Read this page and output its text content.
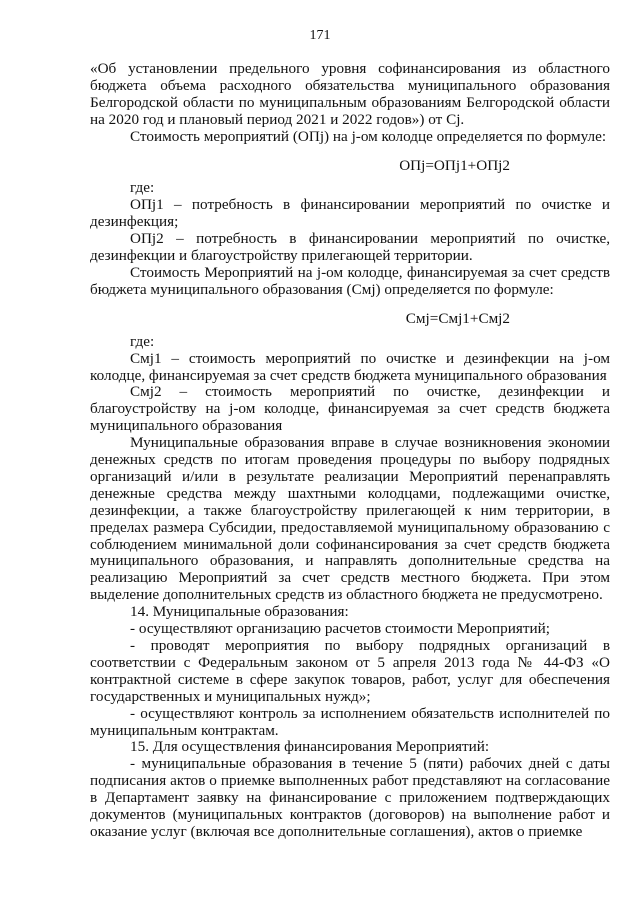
171

«Об установлении предельного уровня софинансирования из областного бюджета объема расходного обязательства муниципального образования Белгородской области по муниципальным образованиям Белгородской области на 2020 год и плановый период 2021 и 2022 годов») от Cj.

Стоимость мероприятий (ОПj) на j-ом колодце определяется по формуле:

ОПj=ОПj1+ОПj2

где:

ОПj1 – потребность в финансировании мероприятий по очистке и дезинфекция;

ОПj2 – потребность в финансировании мероприятий по очистке, дезинфекции и благоустройству прилегающей территории.

Стоимость Мероприятий на j-ом колодце, финансируемая за счет средств бюджета муниципального образования (Cмj) определяется по формуле:

Cмj=Смj1+Смj2

где:

Смj1 – стоимость мероприятий по очистке и дезинфекции на j-ом колодце, финансируемая за счет средств бюджета муниципального образования

Смj2 – стоимость мероприятий по очистке, дезинфекции и благоустройству на j-ом колодце, финансируемая за счет средств бюджета муниципального образования

Муниципальные образования вправе в случае возникновения экономии денежных средств по итогам проведения процедуры по выбору подрядных организаций и/или в результате реализации Мероприятий перенаправлять денежные средства между шахтными колодцами, подлежащими очистке, дезинфекции, а также благоустройству прилегающей к ним территории, в пределах размера Субсидии, предоставляемой муниципальному образованию с соблюдением минимальной доли софинансирования за счет средств бюджета муниципального образования, и направлять дополнительные средства на реализацию Мероприятий за счет средств местного бюджета. При этом выделение дополнительных средств из областного бюджета не предусмотрено.

14. Муниципальные образования:

- осуществляют организацию расчетов стоимости Мероприятий;

- проводят мероприятия по выбору подрядных организаций в соответствии с Федеральным законом от 5 апреля 2013 года № 44-ФЗ «О контрактной системе в сфере закупок товаров, работ, услуг для обеспечения государственных и муниципальных нужд»;

- осуществляют контроль за исполнением обязательств исполнителей по муниципальным контрактам.

15. Для осуществления финансирования Мероприятий:

- муниципальные образования в течение 5 (пяти) рабочих дней с даты подписания актов о приемке выполненных работ представляют на согласование в Департамент заявку на финансирование с приложением подтверждающих документов (муниципальных контрактов (договоров) на выполнение работ и оказание услуг (включая все дополнительные соглашения), актов о приемке
